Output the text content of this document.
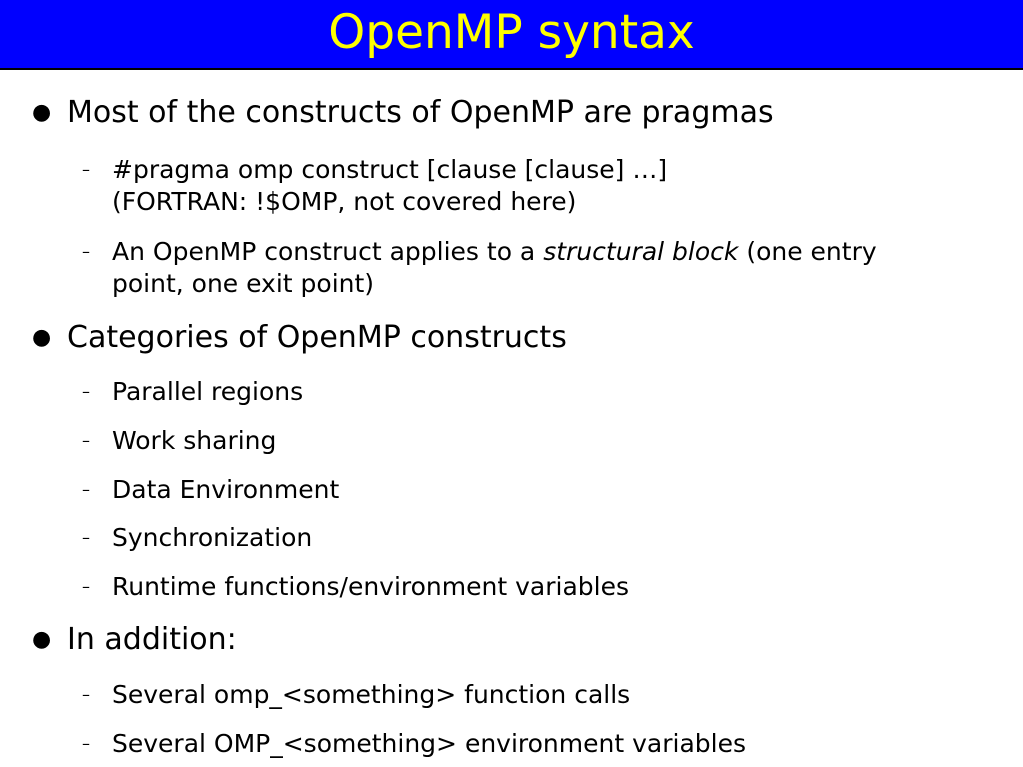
OpenMP syntax
● Most of the constructs of OpenMP are pragmas
– #pragma omp construct [clause [clause] …]
(FORTRAN: !$OMP, not covered here)
– An OpenMP construct applies to a structural block (one entry
point, one exit point)
● Categories of OpenMP constructs
– Parallel regions
– Work sharing
– Data Environment
– Synchronization
– Runtime functions/environment variables
● In addition:
– Several omp_<something> function calls
– Several OMP_<something> environment variables
